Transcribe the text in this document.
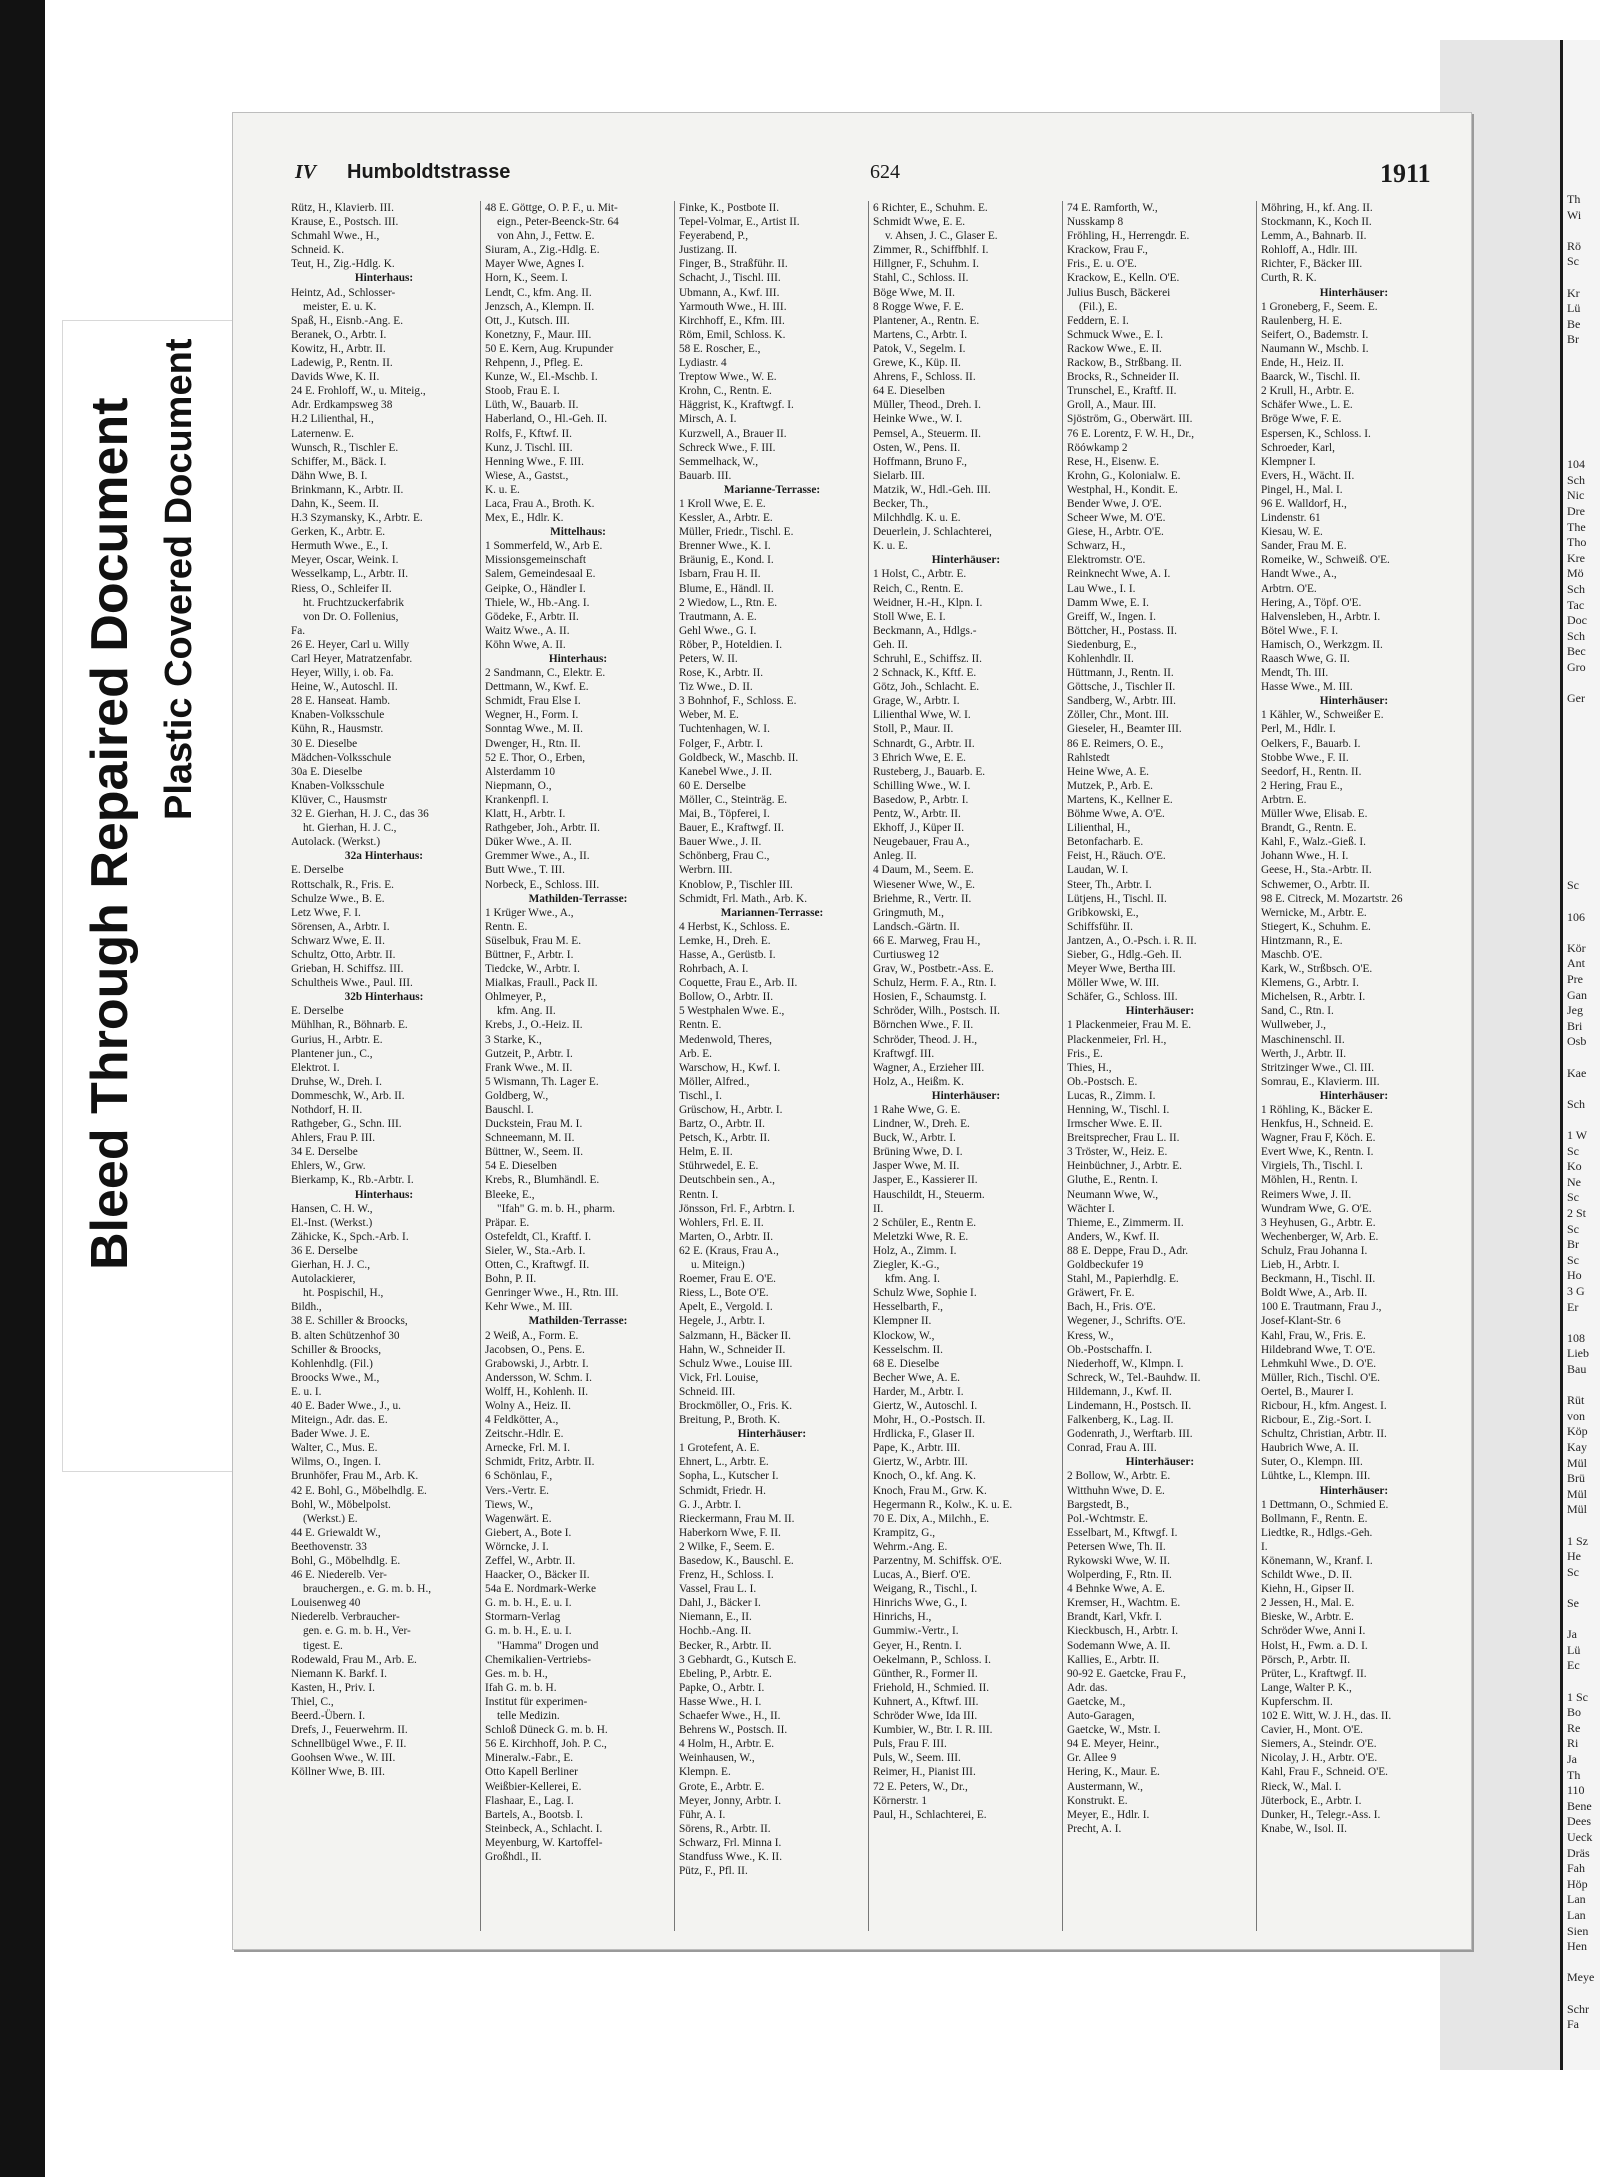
Bleed Through Repaired Document Plastic Covered Document
Th
Wi
Rö
Sc
Kr
Lü
Be
Br
104
Sch
Nic
Dre
The
Tho
Kre
Mö
Sch
Tac
Doc
Sch
Bec
Gro
Ger
Sc
106
Kör
Ant
Pre
Gan
Jeg
Bri
Osb
Kae
Sch
1 W
Sc
Ko
Ne
Sc
2 St
Sc
Br
Sc
Ho
3 G
Er
108
Lieb
Bau
Rüt
von
Köp
Kay
Mül
Brü
Mül
Mül
1 Sz
He
Sc
Se
Ja
Lü
Ec
1 Sc
Bo
Re
Ri
Ja
Th
110
Bene
Dees
Ueck
Dräs
Fah
Höp
Lan
Lan
Sien
Hen
Meye
Schr
Fa
IV Humboldtstrasse	624	1911
Rütz, H., Klavierb. III.
Krause, E., Postsch. III.
Schmahl Wwe., H.,
Schneid. K.
Teut, H., Zig.-Hdlg. K.
Hinterhaus:
Heintz, Ad., Schlosser-
meister, E. u. K.
Spaß, H., Eisnb.-Ang. E.
Beranek, O., Arbtr. I.
Kowitz, H., Arbtr. II.
Ladewig, P., Rentn. II.
Davids Wwe, K. II.
24 E. Frohloff, W., u. Miteig.,
Adr. Erdkampsweg 38
H.2 Lilienthal, H.,
Laternenw. E.
Wunsch, R., Tischler E.
Schiffer, M., Bäck. I.
Dähn Wwe, B. I.
Brinkmann, K., Arbtr. II.
Dahn, K., Seem. II.
H.3 Szymansky, K., Arbtr. E.
Gerken, K., Arbtr. E.
Hermuth Wwe., E., I.
Meyer, Oscar, Weink. I.
Wesselkamp, L., Arbtr. II.
Riess, O., Schleifer II.
ht. Fruchtzuckerfabrik
von Dr. O. Follenius,
Fa.
26 E. Heyer, Carl u. Willy
Carl Heyer, Matratzenfabr.
Heyer, Willy, i. ob. Fa.
Heine, W., Autoschl. II.
28 E. Hanseat. Hamb.
Knaben-Volksschule
Kühn, R., Hausmstr.
30 E. Dieselbe
Mädchen-Volksschule
30a E. Dieselbe
Knaben-Volksschule
Klüver, C., Hausmstr
32 E. Gierhan, H. J. C., das 36
ht. Gierhan, H. J. C.,
Autolack. (Werkst.)
32a Hinterhaus:
E. Derselbe
Rottschalk, R., Fris. E.
Schulze Wwe., B. E.
Letz Wwe, F. I.
Sörensen, A., Arbtr. I.
Schwarz Wwe, E. II.
Schultz, Otto, Arbtr. II.
Grieban, H. Schiffsz. III.
Schultheis Wwe., Paul. III.
32b Hinterhaus:
E. Derselbe
Mühlhan, R., Böhnarb. E.
Gurius, H., Arbtr. E.
Plantener jun., C.,
Elektrot. I.
Druhse, W., Dreh. I.
Dommeschk, W., Arb. II.
Nothdorf, H. II.
Rathgeber, G., Schn. III.
Ahlers, Frau P. III.
34 E. Derselbe
Ehlers, W., Grw.
Bierkamp, K., Rb.-Arbtr. I.
Hinterhaus:
Hansen, C. H. W.,
El.-Inst. (Werkst.)
Zähicke, K., Spch.-Arb. I.
36 E. Derselbe
Gierhan, H. J. C.,
Autolackierer,
ht. Pospischil, H.,
Bildh.,
38 E. Schiller & Broocks,
B. alten Schützenhof 30
Schiller & Broocks,
Kohlenhdlg. (Fil.)
Broocks Wwe., M.,
E. u. I.
40 E. Bader Wwe., J., u.
Miteign., Adr. das. E.
Bader Wwe. J. E.
Walter, C., Mus. E.
Wilms, O., Ingen. I.
Brunhöfer, Frau M., Arb. K.
42 E. Bohl, G., Möbelhdlg. E.
Bohl, W., Möbelpolst.
(Werkst.) E.
44 E. Griewaldt W.,
Beethovenstr. 33
Bohl, G., Möbelhdlg. E.
46 E. Niederelb. Ver-
brauchergen., e. G. m. b. H.,
Louisenweg 40
Niederelb. Verbraucher-
gen. e. G. m. b. H., Ver-
tigest. E.
Rodewald, Frau M., Arb. E.
Niemann K. Barkf. I.
Kasten, H., Priv. I.
Thiel, C.,
Beerd.-Übern. I.
Drefs, J., Feuerwehrm. II.
Schnellbügel Wwe., F. II.
Goohsen Wwe., W. III.
Köllner Wwe, B. III.
48 E. Göttge, O. P. F., u. Mit-
eign., Peter-Beenck-Str. 64
von Ahn, J., Fettw. E.
Siuram, A., Zig.-Hdlg. E.
Mayer Wwe, Agnes I.
Horn, K., Seem. I.
Lendt, C., kfm. Ang. II.
Jenzsch, A., Klempn. II.
Ott, J., Kutsch. III.
Konetzny, F., Maur. III.
50 E. Kern, Aug. Krupunder
Rehpenn, J., Pfleg. E.
Kunze, W., El.-Mschb. I.
Stoob, Frau E. I.
Lüth, W., Bauarb. II.
Haberland, O., Hl.-Geh. II.
Rolfs, F., Kftwf. II.
Kunz, J. Tischl. III.
Henning Wwe., F. III.
Wiese, A., Gastst.,
K. u. E.
Laca, Frau A., Broth. K.
Mex, E., Hdlr. K.
Mittelhaus:
1 Sommerfeld, W., Arb E.
Missionsgemeinschaft
Salem, Gemeindesaal E.
Geipke, O., Händler I.
Thiele, W., Hb.-Ang. I.
Gödeke, F., Arbtr. II.
Waitz Wwe., A. II.
Köhn Wwe, A. II.
Hinterhaus:
2 Sandmann, C., Elektr. E.
Dettmann, W., Kwf. E.
Schmidt, Frau Else I.
Wegner, H., Form. I.
Sonntag Wwe., M. II.
Dwenger, H., Rtn. II.
52 E. Thor, O., Erben,
Alsterdamm 10
Niepmann, O.,
Krankenpfl. I.
Klatt, H., Arbtr. I.
Rathgeber, Joh., Arbtr. II.
Düker Wwe., A. II.
Gremmer Wwe., A., II.
Butt Wwe., T. III.
Norbeck, E., Schloss. III.
Mathilden-Terrasse:
1 Krüger Wwe., A.,
Rentn. E.
Süselbuk, Frau M. E.
Büttner, F., Arbtr. I.
Tiedcke, W., Arbtr. I.
Mialkas, Fraull., Pack II.
Ohlmeyer, P.,
kfm. Ang. II.
Krebs, J., O.-Heiz. II.
3 Starke, K.,
Gutzeit, P., Arbtr. I.
Frank Wwe., M. II.
5 Wismann, Th. Lager E.
Goldberg, W.,
Bauschl. I.
Duckstein, Frau M. I.
Schneemann, M. II.
Büttner, W., Seem. II.
54 E. Dieselben
Krebs, R., Blumhändl. E.
Bleeke, E.,
"Ifah" G. m. b. H., pharm.
Präpar. E.
Ostefeldt, Cl., Kraftf. I.
Sieler, W., Sta.-Arb. I.
Otten, C., Kraftwgf. II.
Bohn, P. II.
Genringer Wwe., H., Rtn. III.
Kehr Wwe., M. III.
Mathilden-Terrasse:
2 Weiß, A., Form. E.
Jacobsen, O., Pens. E.
Grabowski, J., Arbtr. I.
Andersson, W. Schm. I.
Wolff, H., Kohlenh. II.
Wolny A., Heiz. II.
4 Feldkötter, A.,
Zeitschr.-Hdlr. E.
Arnecke, Frl. M. I.
Schmidt, Fritz, Arbtr. II.
6 Schönlau, F.,
Vers.-Vertr. E.
Tiews, W.,
Wagenwärt. E.
Giebert, A., Bote I.
Wörncke, J. I.
Zeffel, W., Arbtr. II.
Haacker, O., Bäcker II.
54a E. Nordmark-Werke
G. m. b. H., E. u. I.
Stormarn-Verlag
G. m. b. H., E. u. I.
"Hamma" Drogen und
Chemikalien-Vertriebs-
Ges. m. b. H.,
Ifah G. m. b. H.
Institut für experimen-
telle Medizin.
Schloß Düneck G. m. b. H.
56 E. Kirchhoff, Joh. P. C.,
Mineralw.-Fabr., E.
Otto Kapell Berliner
Weißbier-Kellerei, E.
Flashaar, E., Lag. I.
Bartels, A., Bootsb. I.
Steinbeck, A., Schlacht. I.
Meyenburg, W. Kartoffel-
Großhdl., II.
Finke, K., Postbote II.
Tepel-Volmar, E., Artist II.
Feyerabend, P.,
Justizang. II.
Finger, B., Straßführ. II.
Schacht, J., Tischl. III.
Ubmann, A., Kwf. III.
Yarmouth Wwe., H. III.
Kirchhoff, E., Kfm. III.
Röm, Emil, Schloss. K.
58 E. Roscher, E.,
Lydiastr. 4
Treptow Wwe., W. E.
Krohn, C., Rentn. E.
Häggrist, K., Kraftwgf. I.
Mirsch, A. I.
Kurzwell, A., Brauer II.
Schreck Wwe., F. III.
Semmelhack, W.,
Bauarb. III.
Marianne-Terrasse:
1 Kroll Wwe, E. E.
Kessler, A., Arbtr. E.
Müller, Friedr., Tischl. E.
Brenner Wwe., K. I.
Bräunig, E., Kond. I.
Isbarn, Frau H. II.
Blume, E., Händl. II.
2 Wiedow, L., Rtn. E.
Trautmann, A. E.
Gehl Wwe., G. I.
Röber, P., Hoteldien. I.
Peters, W. II.
Rose, K., Arbtr. II.
Tiz Wwe., D. II.
3 Bohnhof, F., Schloss. E.
Weber, M. E.
Tuchtenhagen, W. I.
Folger, F., Arbtr. I.
Goldbeck, W., Maschb. II.
Kanebel Wwe., J. II.
60 E. Derselbe
Möller, C., Steinträg. E.
Mai, B., Töpferei, I.
Bauer, E., Kraftwgf. II.
Bauer Wwe., J. II.
Schönberg, Frau C.,
Werbrn. III.
Knoblow, P., Tischler III.
Schmidt, Frl. Math., Arb. K.
Mariannen-Terrasse:
4 Herbst, K., Schloss. E.
Lemke, H., Dreh. E.
Hasse, A., Gerüstb. I.
Rohrbach, A. I.
Coquette, Frau E., Arb. II.
Bollow, O., Arbtr. II.
5 Westphalen Wwe. E.,
Rentn. E.
Medenwold, Theres,
Arb. E.
Warschow, H., Kwf. I.
Möller, Alfred.,
Tischl., I.
Grüschow, H., Arbtr. I.
Bartz, O., Arbtr. II.
Petsch, K., Arbtr. II.
Helm, E. II.
Stührwedel, E. E.
Deutschbein sen., A.,
Rentn. I.
Jönsson, Frl. F., Arbtrn. I.
Wohlers, Frl. E. II.
Marten, O., Arbtr. II.
62 E. (Kraus, Frau A.,
u. Miteign.)
Roemer, Frau E. O'E.
Riess, L., Bote O'E.
Apelt, E., Vergold. I.
Hegele, J., Arbtr. I.
Salzmann, H., Bäcker II.
Hahn, W., Schneider II.
Schulz Wwe., Louise III.
Vick, Frl. Louise,
Schneid. III.
Brockmöller, O., Fris. K.
Breitung, P., Broth. K.
Hinterhäuser:
1 Grotefent, A. E.
Ehnert, L., Arbtr. E.
Sopha, L., Kutscher I.
Schmidt, Friedr. H.
G. J., Arbtr. I.
Rieckermann, Frau M. II.
Haberkorn Wwe, F. II.
2 Wilke, F., Seem. E.
Basedow, K., Bauschl. E.
Frenz, H., Schloss. I.
Vassel, Frau L. I.
Dahl, J., Bäcker I.
Niemann, E., II.
Hochb.-Ang. II.
Becker, R., Arbtr. II.
3 Gebhardt, G., Kutsch E.
Ebeling, P., Arbtr. E.
Papke, O., Arbtr. I.
Hasse Wwe., H. I.
Schaefer Wwe., H., II.
Behrens W., Postsch. II.
4 Holm, H., Arbtr. E.
Weinhausen, W.,
Klempn. E.
Grote, E., Arbtr. E.
Meyer, Jonny, Arbtr. I.
Führ, A. I.
Sörens, R., Arbtr. II.
Schwarz, Frl. Minna I.
Standfuss Wwe., K. II.
Pütz, F., Pfl. II.
6 Richter, E., Schuhm. E.
Schmidt Wwe, E. E.
v. Ahsen, J. C., Glaser E.
Zimmer, R., Schiffbhlf. I.
Hillgner, F., Schuhm. I.
Stahl, C., Schloss. II.
Böge Wwe, M. II.
8 Rogge Wwe, F. E.
Plantener, A., Rentn. E.
Martens, C., Arbtr. I.
Patok, V., Segelm. I.
Grewe, K., Küp. II.
Ahrens, F., Schloss. II.
64 E. Dieselben
Müller, Theod., Dreh. I.
Heinke Wwe., W. I.
Pemsel, A., Steuerm. II.
Osten, W., Pens. II.
Hoffmann, Bruno F.,
Sielarb. III.
Matzik, W., Hdl.-Geh. III.
Becker, Th.,
Milchhdlg. K. u. E.
Deuerlein, J. Schlachterei,
K. u. E.
Hinterhäuser:
1 Holst, C., Arbtr. E.
Reich, C., Rentn. E.
Weidner, H.-H., Klpn. I.
Stoll Wwe, E. I.
Beckmann, A., Hdlgs.-
Geh. II.
Schruhl, E., Schiffsz. II.
2 Schnack, K., Kftf. E.
Götz, Joh., Schlacht. E.
Grage, W., Arbtr. I.
Lilienthal Wwe, W. I.
Stoll, P., Maur. II.
Schnardt, G., Arbtr. II.
3 Ehrich Wwe, E. E.
Rusteberg, J., Bauarb. E.
Schilling Wwe., W. I.
Basedow, P., Arbtr. I.
Pentz, W., Arbtr. II.
Ekhoff, J., Küper II.
Neugebauer, Frau A.,
Anleg. II.
4 Daum, M., Seem. E.
Wiesener Wwe, W., E.
Briehme, R., Vertr. II.
Gringmuth, M.,
Landsch.-Gärtn. II.
66 E. Marweg, Frau H.,
Curtiusweg 12
Grav, W., Postbetr.-Ass. E.
Schulz, Herm. F. A., Rtn. I.
Hosien, F., Schaumstg. I.
Schröder, Wilh., Postsch. II.
Börnchen Wwe., F. II.
Schröder, Theod. J. H.,
Kraftwgf. III.
Wagner, A., Erzieher III.
Holz, A., Heißm. K.
Hinterhäuser:
1 Rahe Wwe, G. E.
Lindner, W., Dreh. E.
Buck, W., Arbtr. I.
Brüning Wwe, D. I.
Jasper Wwe, M. II.
Jasper, E., Kassierer II.
Hauschildt, H., Steuerm.
II.
2 Schüler, E., Rentn E.
Meletzki Wwe, R. E.
Holz, A., Zimm. I.
Ziegler, K.-G.,
kfm. Ang. I.
Schulz Wwe, Sophie I.
Hesselbarth, F.,
Klempner II.
Klockow, W.,
Kesselschm. II.
68 E. Dieselbe
Becher Wwe, A. E.
Harder, M., Arbtr. I.
Giertz, W., Autoschl. I.
Mohr, H., O.-Postsch. II.
Hrdlicka, F., Glaser II.
Pape, K., Arbtr. III.
Giertz, W., Arbtr. III.
Knoch, O., kf. Ang. K.
Knoch, Frau M., Grw. K.
Hegermann R., Kolw., K. u. E.
70 E. Dix, A., Milchh., E.
Krampitz, G.,
Wehrm.-Ang. E.
Parzentny, M. Schiffsk. O'E.
Lucas, A., Bierf. O'E.
Weigang, R., Tischl., I.
Hinrichs Wwe, G., I.
Hinrichs, H.,
Gummiw.-Vertr., I.
Geyer, H., Rentn. I.
Oekelmann, P., Schloss. I.
Günther, R., Former II.
Friehold, H., Schmied. II.
Kuhnert, A., Kftwf. III.
Schröder Wwe, Ida III.
Kumbier, W., Btr. I. R. III.
Puls, Frau F. III.
Puls, W., Seem. III.
Reimer, H., Pianist III.
72 E. Peters, W., Dr.,
Körnerstr. 1
Paul, H., Schlachterei, E.
74 E. Ramforth, W.,
Nusskamp 8
Fröhling, H., Herrengdr. E.
Krackow, Frau F.,
Fris., E. u. O'E.
Krackow, E., Kelln. O'E.
Julius Busch, Bäckerei
(Fil.), E.
Feddern, E. I.
Schmuck Wwe., E. I.
Rackow Wwe., E. II.
Rackow, B., Strßbang. II.
Brocks, R., Schneider II.
Trunschel, E., Kraftf. II.
Groll, A., Maur. III.
Sjöström, G., Oberwärt. III.
76 E. Lorentz, F. W. H., Dr.,
Röówkamp 2
Rese, H., Eisenw. E.
Krohn, G., Kolonialw. E.
Westphal, H., Kondit. E.
Bender Wwe, J. O'E.
Scheer Wwe, M. O'E.
Giese, H., Arbtr. O'E.
Schwarz, H.,
Elektromstr. O'E.
Reinknecht Wwe, A. I.
Lau Wwe., I. I.
Damm Wwe, E. I.
Greiff, W., Ingen. I.
Böttcher, H., Postass. II.
Siedenburg, E.,
Kohlenhdlr. II.
Hüttmann, J., Rentn. II.
Göttsche, J., Tischler II.
Sandberg, W., Arbtr. III.
Zöller, Chr., Mont. III.
Gieseler, H., Beamter III.
86 E. Reimers, O. E.,
Rahlstedt
Heine Wwe, A. E.
Mutzek, P., Arb. E.
Martens, K., Kellner E.
Böhme Wwe, A. O'E.
Lilienthal, H.,
Betonfacharb. E.
Feist, H., Räuch. O'E.
Laudan, W. I.
Steer, Th., Arbtr. I.
Lütjens, H., Tischl. II.
Gribkowski, E.,
Schiffsführ. II.
Jantzen, A., O.-Psch. i. R. II.
Sieber, G., Hdlg.-Geh. II.
Meyer Wwe, Bertha III.
Möller Wwe, W. III.
Schäfer, G., Schloss. III.
Hinterhäuser:
1 Plackenmeier, Frau M. E.
Plackenmeier, Frl. H.,
Fris., E.
Thies, H.,
Ob.-Postsch. E.
Lucas, R., Zimm. I.
Henning, W., Tischl. I.
Irmscher Wwe. E. II.
Breitsprecher, Frau L. II.
3 Tröster, W., Heiz. E.
Heinbüchner, J., Arbtr. E.
Gluthe, E., Rentn. I.
Neumann Wwe, W.,
Wächter I.
Thieme, E., Zimmerm. II.
Anders, W., Kwf. II.
88 E. Deppe, Frau D., Adr.
Goldbeckufer 19
Stahl, M., Papierhdlg. E.
Gräwert, Fr. E.
Bach, H., Fris. O'E.
Wegener, J., Schrifts. O'E.
Kress, W.,
Ob.-Postschaffn. I.
Niederhoff, W., Klmpn. I.
Schreck, W., Tel.-Bauhdw. II.
Hildemann, J., Kwf. II.
Lindemann, H., Postsch. II.
Falkenberg, K., Lag. II.
Godenrath, J., Werftarb. III.
Conrad, Frau A. III.
Hinterhäuser:
2 Bollow, W., Arbtr. E.
Witthuhn Wwe, D. E.
Bargstedt, B.,
Pol.-Wchtmstr. E.
Esselbart, M., Kftwgf. I.
Petersen Wwe, Th. II.
Rykowski Wwe, W. II.
Wolperding, F., Rtn. II.
4 Behnke Wwe, A. E.
Kremser, H., Wachtm. E.
Brandt, Karl, Vkfr. I.
Kieckbusch, H., Arbtr. I.
Sodemann Wwe, A. II.
Kallies, E., Arbtr. II.
90-92 E. Gaetcke, Frau F.,
Adr. das.
Gaetcke, M.,
Auto-Garagen,
Gaetcke, W., Mstr. I.
94 E. Meyer, Heinr.,
Gr. Allee 9
Hering, K., Maur. E.
Austermann, W.,
Konstrukt. E.
Meyer, E., Hdlr. I.
Precht, A. I.
Möhring, H., kf. Ang. II.
Stockmann, K., Koch II.
Lemm, A., Bahnarb. II.
Rohloff, A., Hdlr. III.
Richter, F., Bäcker III.
Curth, R. K.
Hinterhäuser:
1 Groneberg, F., Seem. E.
Raulenberg, H. E.
Seifert, O., Bademstr. I.
Naumann W., Mschb. I.
Ende, H., Heiz. II.
Baarck, W., Tischl. II.
2 Krull, H., Arbtr. E.
Schäfer Wwe., L. E.
Bröge Wwe, F. E.
Espersen, K., Schloss. I.
Schroeder, Karl,
Klempner I.
Evers, H., Wächt. II.
Pingel, H., Mal. I.
96 E. Walldorf, H.,
Lindenstr. 61
Kiesau, W. E.
Sander, Frau M. E.
Romeike, W., Schweiß. O'E.
Handt Wwe., A.,
Arbtrn. O'E.
Hering, A., Töpf. O'E.
Halvensleben, H., Arbtr. I.
Bötel Wwe., F. I.
Hamisch, O., Werkzgm. II.
Raasch Wwe, G. II.
Mendt, Th. III.
Hasse Wwe., M. III.
Hinterhäuser:
1 Kähler, W., Schweißer E.
Perl, M., Hdlr. I.
Oelkers, F., Bauarb. I.
Stobbe Wwe., F. II.
Seedorf, H., Rentn. II.
2 Hering, Frau E.,
Arbtrn. E.
Müller Wwe, Elisab. E.
Brandt, G., Rentn. E.
Kahl, F., Walz.-Gieß. I.
Johann Wwe., H. I.
Geese, H., Sta.-Arbtr. II.
Schwemer, O., Arbtr. II.
98 E. Citreck, M. Mozartstr. 26
Wernicke, M., Arbtr. E.
Stiegert, K., Schuhm. E.
Hintzmann, R., E.
Maschb. O'E.
Kark, W., Strßbsch. O'E.
Klemens, G., Arbtr. I.
Michelsen, R., Arbtr. I.
Sand, C., Rtn. I.
Wullweber, J.,
Maschinenschl. II.
Werth, J., Arbtr. II.
Stritzinger Wwe., Cl. III.
Somrau, E., Klavierm. III.
Hinterhäuser:
1 Röhling, K., Bäcker E.
Henkfus, H., Schneid. E.
Wagner, Frau F, Köch. E.
Evert Wwe, K., Rentn. I.
Virgiels, Th., Tischl. I.
Möhlen, H., Rentn. I.
Reimers Wwe, J. II.
Wundram Wwe, G. O'E.
3 Heyhusen, G., Arbtr. E.
Wechenberger, W, Arb. E.
Schulz, Frau Johanna I.
Lieb, H., Arbtr. I.
Beckmann, H., Tischl. II.
Boldt Wwe, A., Arb. II.
100 E. Trautmann, Frau J.,
Josef-Klant-Str. 6
Kahl, Frau, W., Fris. E.
Hildebrand Wwe, T. O'E.
Lehmkuhl Wwe., D. O'E.
Müller, Rich., Tischl. O'E.
Oertel, B., Maurer I.
Ricbour, H., kfm. Angest. I.
Ricbour, E., Zig.-Sort. I.
Schultz, Christian, Arbtr. II.
Haubrich Wwe, A. II.
Suter, O., Klempn. III.
Lühtke, L., Klempn. III.
Hinterhäuser:
1 Dettmann, O., Schmied E.
Bollmann, F., Rentn. E.
Liedtke, R., Hdlgs.-Geh.
I.
Könemann, W., Kranf. I.
Schildt Wwe., D. II.
Kiehn, H., Gipser II.
2 Jessen, H., Mal. E.
Bieske, W., Arbtr. E.
Schröder Wwe, Anni I.
Holst, H., Fwm. a. D. I.
Pörsch, P., Arbtr. II.
Prüter, L., Kraftwgf. II.
Lange, Walter P. K.,
Kupferschm. II.
102 E. Witt, W. J. H., das. II.
Cavier, H., Mont. O'E.
Siemers, A., Steindr. O'E.
Nicolay, J. H., Arbtr. O'E.
Kahl, Frau F., Schneid. O'E.
Rieck, W., Mal. I.
Jüterbock, E., Arbtr. I.
Dunker, H., Telegr.-Ass. I.
Knabe, W., Isol. II.
